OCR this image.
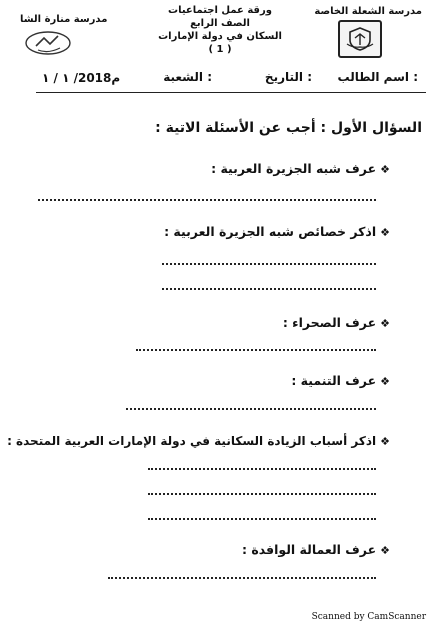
مدرسة الشعلة الخاصة
مدرسة منارة الشا
ورقة عمل اجتماعيات
الصف الرابع
السكان في دولة الإمارات
( 1 )
اسم الطالب :
الشعبة :	التاريخ :
١ / ١ /2018م
السؤال الأول : أجب عن الأسئلة الاتية :
❖عرف شبه الجزيرة العربية :
❖اذكر خصائص شبه الجزيرة العربية :
❖عرف الصحراء :
❖عرف التنمية :
❖اذكر أسباب الزيادة السكانية في دولة الإمارات العربية المتحدة :
❖عرف العمالة الوافدة :
Scanned by CamScanner
